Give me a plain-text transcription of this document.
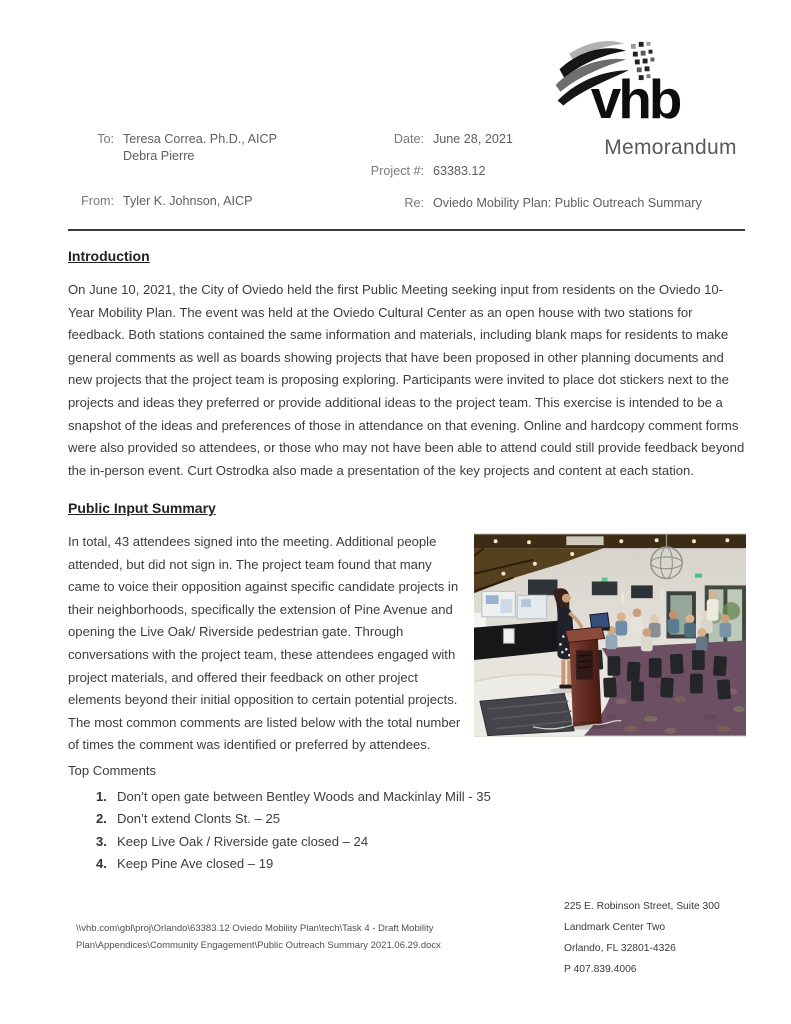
vhb
Memorandum
To: Teresa Correa. Ph.D., AICP
Debra Pierre
From: Tyler K. Johnson, AICP
Date: June 28, 2021
Project #: 63383.12
Re: Oviedo Mobility Plan: Public Outreach Summary
Introduction

On June 10, 2021, the City of Oviedo held the first Public Meeting seeking input from residents on the Oviedo 10-Year Mobility Plan. The event was held at the Oviedo Cultural Center as an open house with two stations for feedback. Both stations contained the same information and materials, including blank maps for residents to make general comments as well as boards showing projects that have been proposed in other planning documents and new projects that the project team is proposing exploring. Participants were invited to place dot stickers next to the projects and ideas they preferred or provide additional ideas to the project team. This exercise is intended to be a snapshot of the ideas and preferences of those in attendance on that evening. Online and hardcopy comment forms were also provided so attendees, or those who may not have been able to attend could still provide feedback beyond the in-person event. Curt Ostrodka also made a presentation of the key projects and content at each station.

Public Input Summary

In total, 43 attendees signed into the meeting. Additional people attended, but did not sign in. The project team found that many came to voice their opposition against specific candidate projects in their neighborhoods, specifically the extension of Pine Avenue and opening the Live Oak/ Riverside pedestrian gate. Through conversations with the project team, these attendees engaged with project materials, and offered their feedback on other project elements beyond their initial opposition to certain potential projects. The most common comments are listed below with the total number of times the comment was identified or preferred by attendees.

Top Comments
1. Don’t open gate between Bentley Woods and Mackinlay Mill - 35
2. Don’t extend Clonts St. – 25
3. Keep Live Oak / Riverside gate closed – 24
4. Keep Pine Ave closed – 19
\\vhb.com\gbl\proj\Orlando\63383.12 Oviedo Mobility Plan\tech\Task 4 - Draft Mobility Plan\Appendices\Community Engagement\Public Outreach Summary 2021.06.29.docx
225 E. Robinson Street, Suite 300
Landmark Center Two
Orlando, FL 32801-4326
P 407.839.4006
